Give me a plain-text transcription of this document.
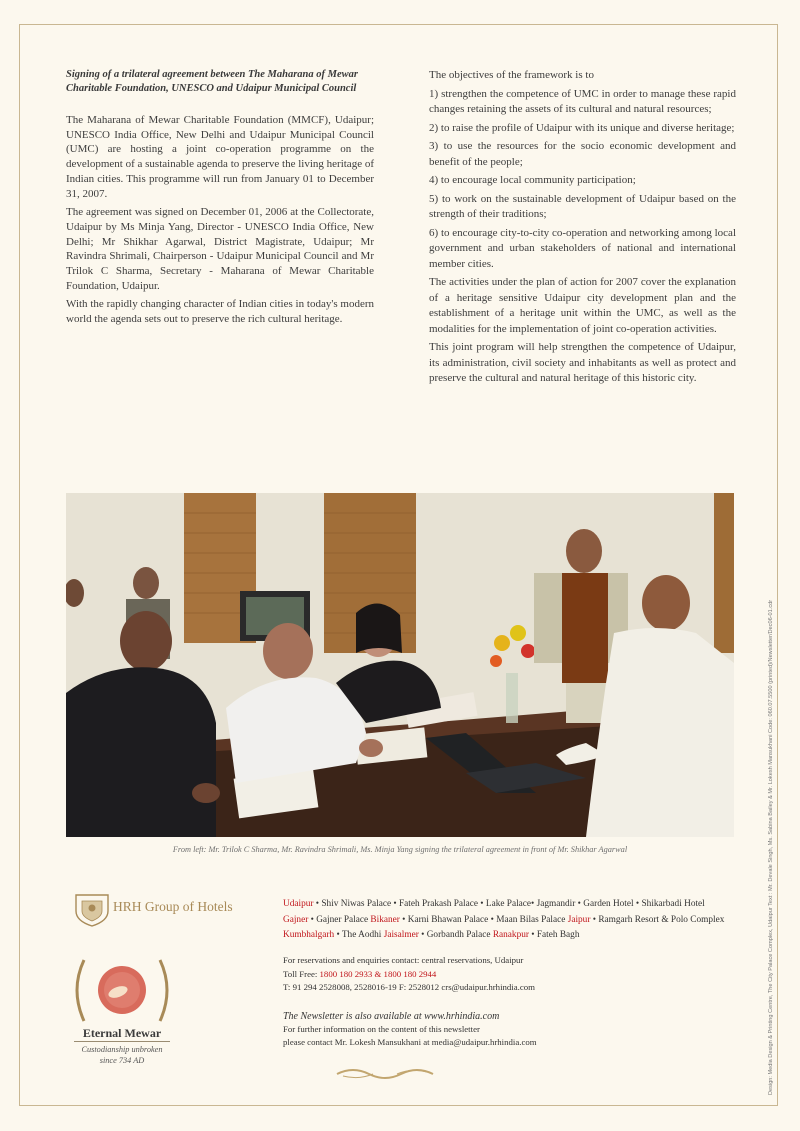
Signing of a trilateral agreement between The Maharana of Mewar Charitable Foundation, UNESCO and Udaipur Municipal Council

The Maharana of Mewar Charitable Foundation (MMCF), Udaipur; UNESCO India Office, New Delhi and Udaipur Municipal Council (UMC) are hosting a joint co-operation programme on the development of a sustainable agenda to preserve the living heritage of Indian cities. This programme will run from January 01 to December 31, 2007.

The agreement was signed on December 01, 2006 at the Collectorate, Udaipur by Ms Minja Yang, Director - UNESCO India Office, New Delhi; Mr Shikhar Agarwal, District Magistrate, Udaipur; Mr Ravindra Shrimali, Chairperson - Udaipur Municipal Council and Mr Trilok C Sharma, Secretary - Maharana of Mewar Charitable Foundation, Udaipur.

With the rapidly changing character of Indian cities in today's modern world the agenda sets out to preserve the rich cultural heritage.

The objectives of the framework is to

1) strengthen the competence of UMC in order to manage these rapid changes retaining the assets of its cultural and natural resources;

2) to raise the profile of Udaipur with its unique and diverse heritage;

3) to use the resources for the socio economic development and benefit of the people;

4) to encourage local community participation;

5) to work on the sustainable development of Udaipur based on the strength of their traditions;

6) to encourage city-to-city co-operation and networking among local government and urban stakeholders of national and international member cities.

The activities under the plan of action for 2007 cover the explanation of a heritage sensitive Udaipur city development plan and the establishment of a heritage unit within the UMC, as well as the modalities for the implementation of joint co-operation activities.

This joint program will help strengthen the competence of Udaipur, its administration, civil society and inhabitants as well as protect and preserve the cultural and natural heritage of this historic city.

From left: Mr. Trilok C Sharma, Mr. Ravindra Shrimali, Ms. Minja Yang signing the trilateral agreement in front of Mr. Shikhar Agarwal	Design: Media Design & Printing Centre, The City Palace Complex, Udaipur Text : Mr. Devale Singh, Ms. Sabina Bailey & Mr. Lokesh Mansukhani Code: 060.07.5500 (printed)/Newsletter/Dec06-01.cdr
HRH Group of Hotels
Eternal Mewar
Custodianship unbroken
since 734 AD
Udaipur • Shiv Niwas Palace • Fateh Prakash Palace • Lake Palace• Jagmandir • Garden Hotel • Shikarbadi Hotel
Gajner • Gajner Palace Bikaner • Karni Bhawan Palace • Maan Bilas Palace Jaipur • Ramgarh Resort & Polo Complex
Kumbhalgarh • The Aodhi Jaisalmer • Gorbandh Palace Ranakpur • Fateh Bagh
For reservations and enquiries contact: central reservations, Udaipur
Toll Free: 1800 180 2933 & 1800 180 2944
T: 91 294 2528008, 2528016-19 F: 2528012 crs@udaipur.hrhindia.com
The Newsletter is also available at www.hrhindia.com
For further information on the content of this newsletter
please contact Mr. Lokesh Mansukhani at media@udaipur.hrhindia.com
